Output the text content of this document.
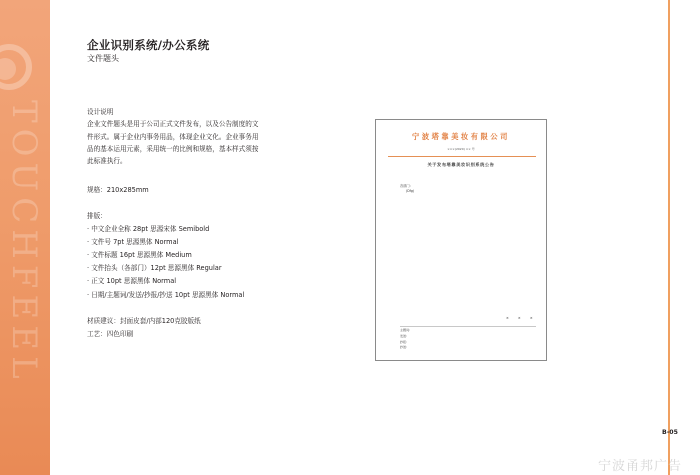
TOUCHFEEL
企业识别系统/办公系统
文件题头
设计说明
企业文件题头是用于公司正式文件发布，以及公告制度的文件形式。属于企业内事务用品，体现企业文化。企业事务用品的基本运用元素，采用统一的比例和规格，基本样式须按此标准执行。
规格：210x285mm
排版：
· 中文企业全称 28pt 思源宋体 Semibold
· 文件号 7pt 思源黑体 Normal
· 文件标题 16pt 思源黑体 Medium
· 文件抬头（各部门）12pt 思源黑体 Regular
· 正文 10pt 思源黑体 Normal
· 日期/主题词/发送/抄报/抄送 10pt 思源黑体 Normal
材质建议：封面皮套/内部120克胶版纸
工艺：四色印刷
宁波塔靠美妆有限公司
×××(2020) ×× 号
关于发布塔靠美妆识别系统公告
各部门：
(Dfg)
× × ×
主题词：
发送：
抄报：
抄送：
B-05
宁波甬邦广告
